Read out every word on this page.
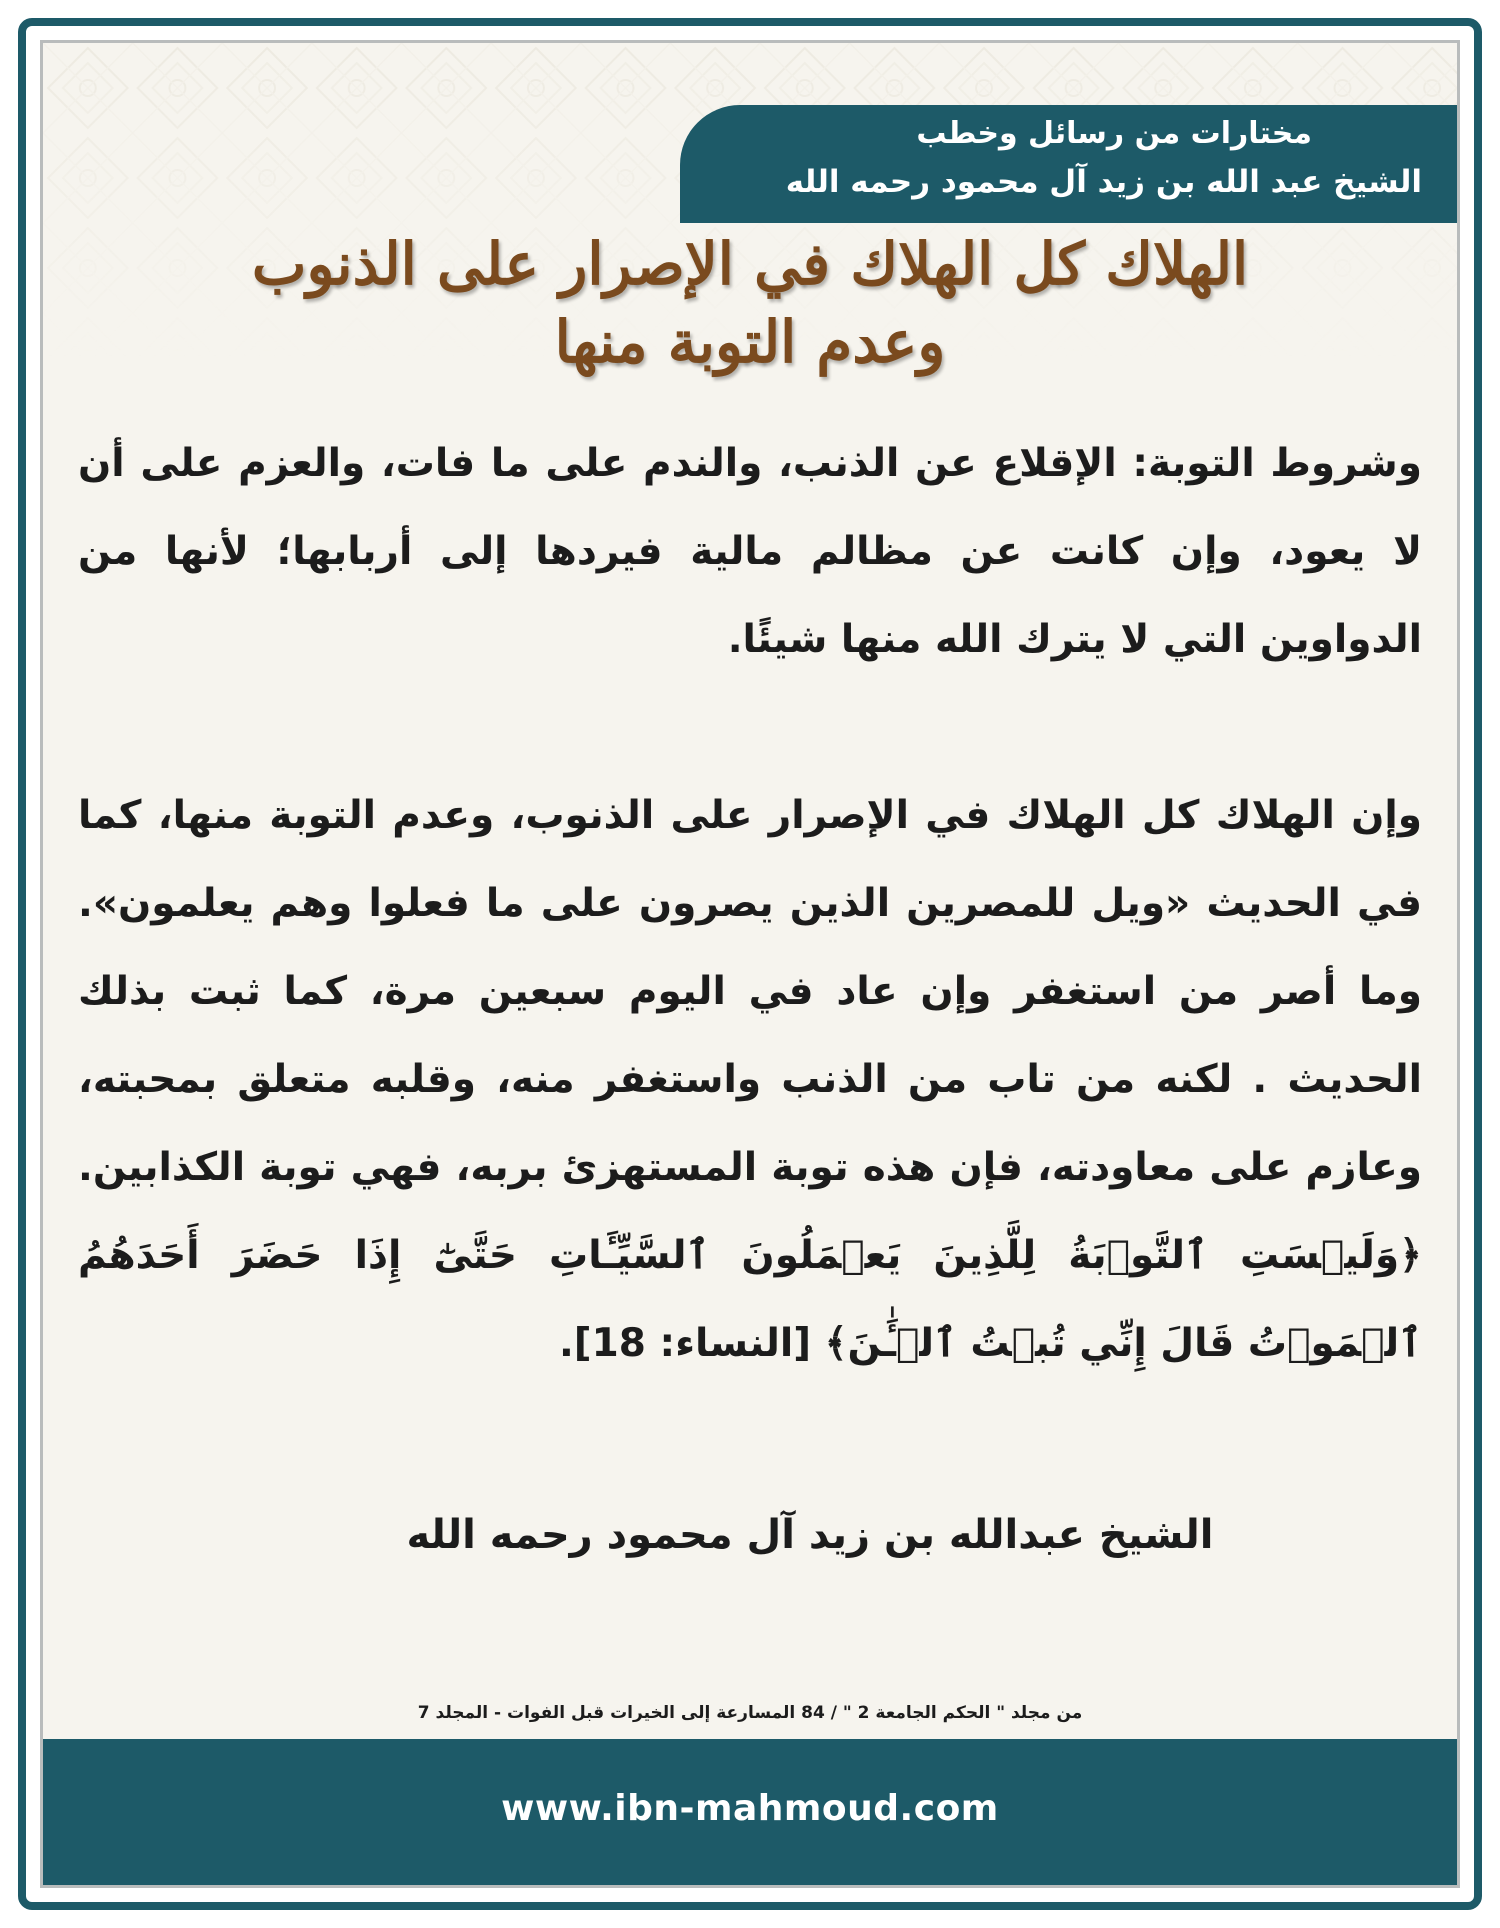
مختارات من رسائل وخطب
الشيخ عبد الله بن زيد آل محمود رحمه الله
الهلاك كل الهلاك في الإصرار على الذنوب
وعدم التوبة منها

وشروط التوبة: الإقلاع عن الذنب، والندم على ما فات، والعزم على أن لا يعود، وإن كانت عن مظالم مالية فيردها إلى أربابها؛ لأنها من الدواوين التي لا يترك الله منها شيئًا.

وإن الهلاك كل الهلاك في الإصرار على الذنوب، وعدم التوبة منها، كما في الحديث «ويل للمصرين الذين يصرون على ما فعلوا وهم يعلمون». وما أصر من استغفر وإن عاد في اليوم سبعين مرة، كما ثبت بذلك الحديث . لكنه من تاب من الذنب واستغفر منه، وقلبه متعلق بمحبته، وعازم على معاودته، فإن هذه توبة المستهزئ بربه، فهي توبة الكذابين. ﴿وَلَيۡسَتِ ٱلتَّوۡبَةُ لِلَّذِينَ يَعۡمَلُونَ ٱلسَّيِّـَٔاتِ حَتَّىٰٓ إِذَا حَضَرَ أَحَدَهُمُ ٱلۡمَوۡتُ قَالَ إِنِّي تُبۡتُ ٱلۡـَٰٔنَ﴾ [النساء: 18].

الشيخ عبدالله بن زيد آل محمود رحمه الله
من مجلد " الحكم الجامعة 2 " / 84 المسارعة إلى الخيرات قبل الفوات - المجلد 7
www.ibn-mahmoud.com
